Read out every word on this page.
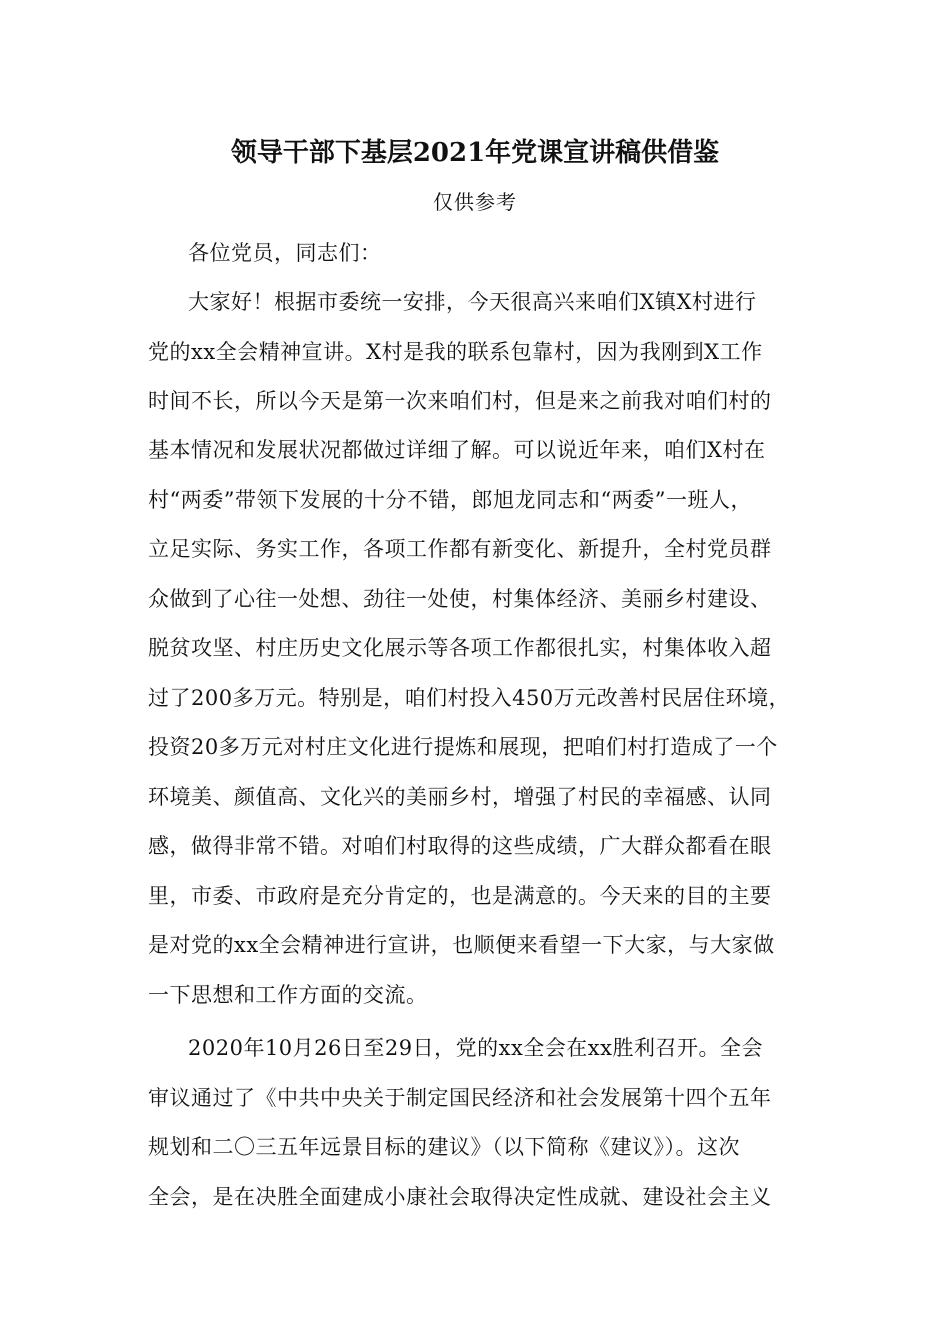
领导干部下基层2021年党课宣讲稿供借鉴
仅供参考
各位党员，同志们：
大家好！根据市委统一安排，今天很高兴来咱们X镇X村进行
党的xx全会精神宣讲。X村是我的联系包靠村，因为我刚到X工作
时间不长，所以今天是第一次来咱们村，但是来之前我对咱们村的
基本情况和发展状况都做过详细了解。可以说近年来，咱们X村在
村“两委”带领下发展的十分不错，郎旭龙同志和“两委”一班人，
立足实际、务实工作，各项工作都有新变化、新提升，全村党员群
众做到了心往一处想、劲往一处使，村集体经济、美丽乡村建设、
脱贫攻坚、村庄历史文化展示等各项工作都很扎实，村集体收入超
过了200多万元。特别是，咱们村投入450万元改善村民居住环境，
投资20多万元对村庄文化进行提炼和展现，把咱们村打造成了一个
环境美、颜值高、文化兴的美丽乡村，增强了村民的幸福感、认同
感，做得非常不错。对咱们村取得的这些成绩，广大群众都看在眼
里，市委、市政府是充分肯定的，也是满意的。今天来的目的主要
是对党的xx全会精神进行宣讲，也顺便来看望一下大家，与大家做
一下思想和工作方面的交流。
2020年10月26日至29日，党的xx全会在xx胜利召开。全会
审议通过了《中共中央关于制定国民经济和社会发展第十四个五年
规划和二〇三五年远景目标的建议》（以下简称《建议》）。这次
全会，是在决胜全面建成小康社会取得决定性成就、建设社会主义
